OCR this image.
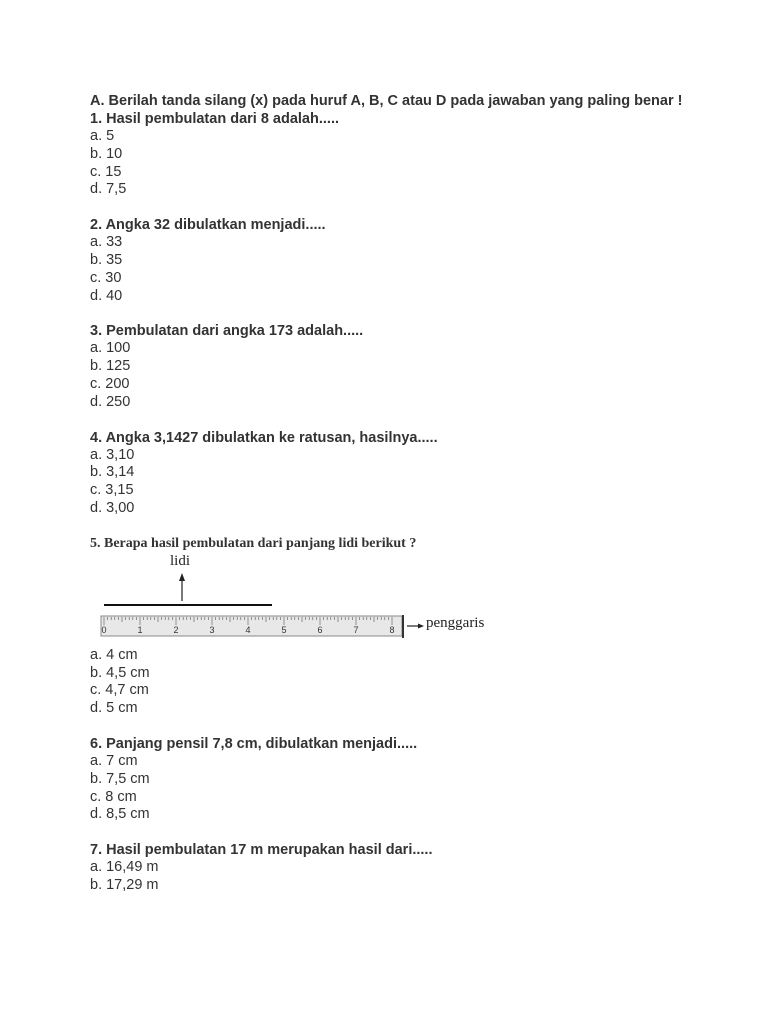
A. Berilah tanda silang (x) pada huruf A, B, C atau D pada jawaban yang paling benar !

1. Hasil pembulatan dari 8 adalah.....

a. 5

b. 10

c. 15

d. 7,5

2. Angka 32 dibulatkan menjadi.....

a. 33

b. 35

c. 30

d. 40

3. Pembulatan dari angka 173 adalah.....

a. 100

b. 125

c. 200

d. 250

4. Angka 3,1427 dibulatkan ke ratusan, hasilnya.....

a. 3,10

b. 3,14

c. 3,15

d. 3,00

5. Berapa hasil pembulatan dari panjang lidi berikut ?

0	1	2	3	4	5	6	7	8
lidi
penggaris

a. 4 cm

b. 4,5 cm

c. 4,7 cm

d. 5 cm

6. Panjang pensil 7,8 cm, dibulatkan menjadi.....

a. 7 cm

b. 7,5 cm

c. 8 cm

d. 8,5 cm

7. Hasil pembulatan 17 m merupakan hasil dari.....

a. 16,49 m

b. 17,29 m
